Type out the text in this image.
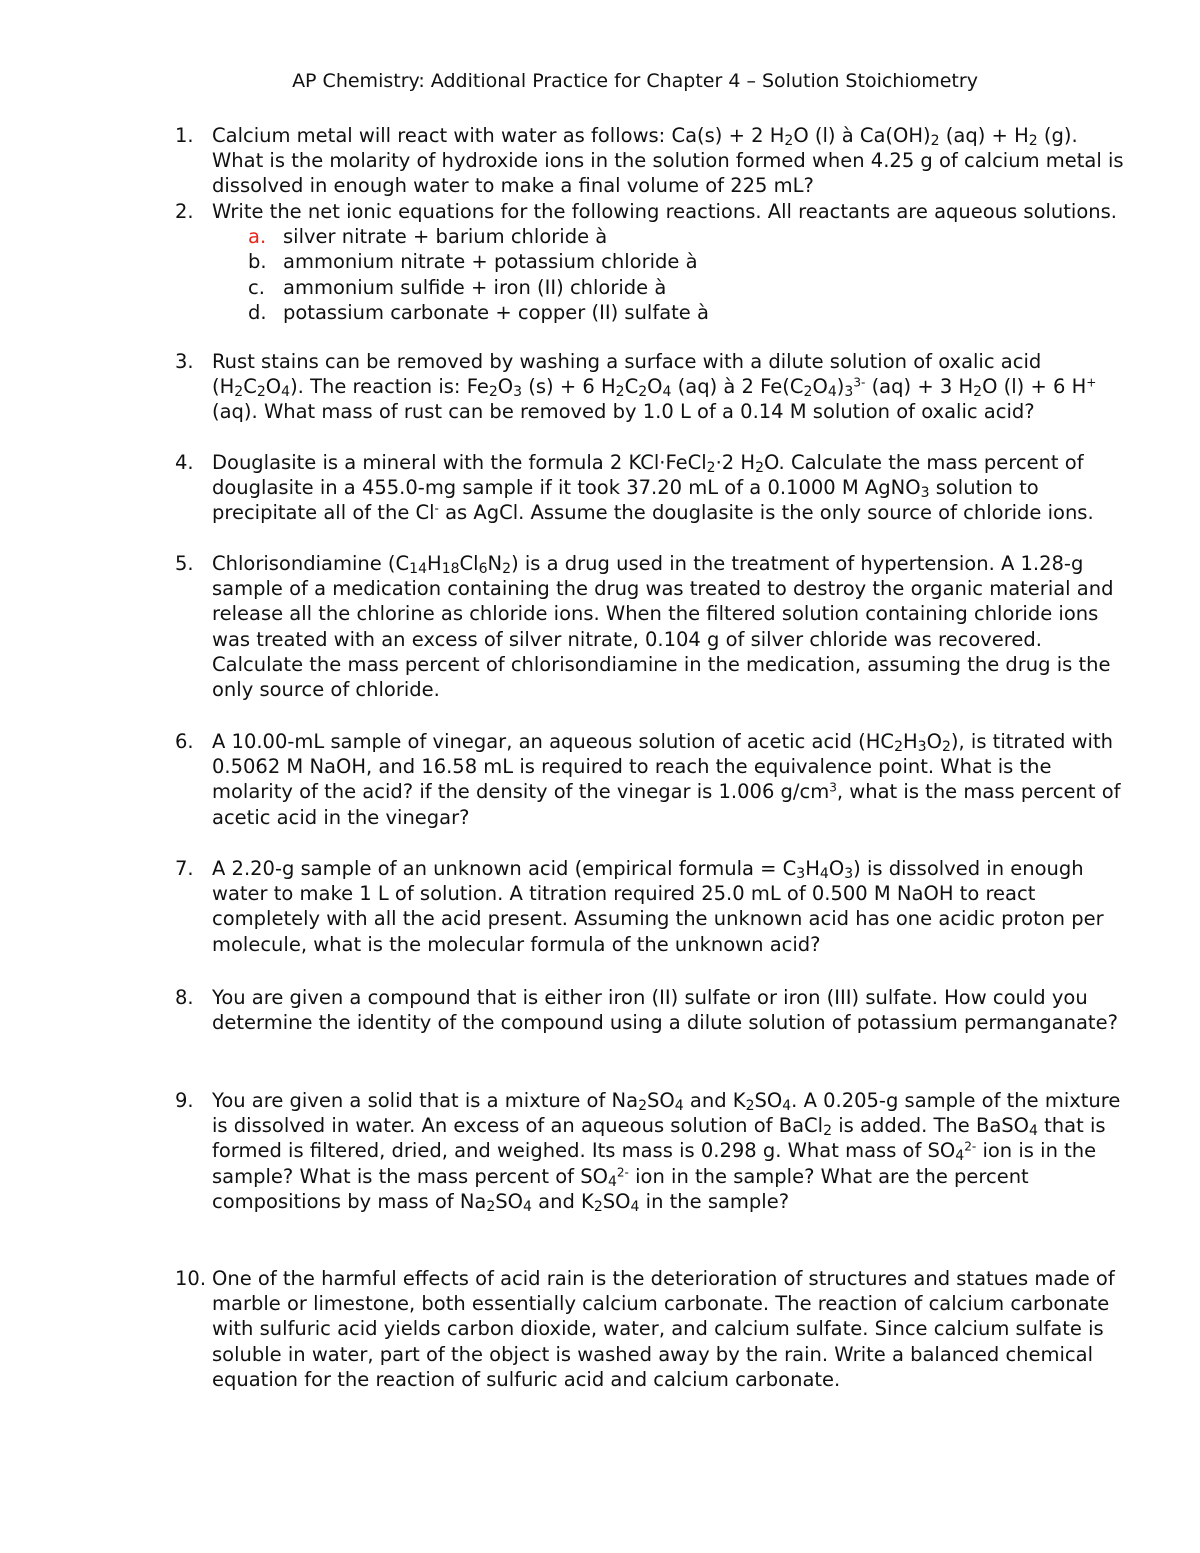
AP Chemistry: Additional Practice for Chapter 4 – Solution Stoichiometry
1. Calcium metal will react with water as follows: Ca(s) + 2 $H_2O$ (l) à $Ca(OH)_2$ $(aq) + H_2$ (g). What is the molarity of hydroxide ions in the solution formed when 4.25 g of calcium metal is dissolved in enough water to make a final volume of 225 mL?
2. Write the net ionic equations for the following reactions. All reactants are aqueous solutions.
a. silver nitrate + barium chloride à
b. ammonium nitrate + potassium chloride à
c. ammonium sulfide + iron (II) chloride à
d. potassium carbonate + copper (II) sulfate à
3. Rust stains can be removed by washing a surface with a dilute solution of oxalic acid $(H_2C_2O_4)$. The reaction is: $Fe_2O_3$ (s) + 6 $H_2C_2O_4$ (aq) à 2 $Fe(C_2O_4)_3^{3-}$ (aq) + 3 $H_2O$ (l) + 6 H+ (aq). What mass of rust can be removed by 1.0 L of a 0.14 M solution of oxalic acid?
4. Douglasite is a mineral with the formula 2 KCl·FeCl$_2$·2 $H_2O$. Calculate the mass percent of douglasite in a 455.0-mg sample if it took 37.20 mL of a 0.1000 M AgNO$_3$ solution to precipitate all of the Cl- as AgCl. Assume the douglasite is the only source of chloride ions.
5. Chlorisondiamine $(C_{14}H_{18}Cl_6N_2)$ is a drug used in the treatment of hypertension. A 1.28-g sample of a medication containing the drug was treated to destroy the organic material and release all the chlorine as chloride ions. When the filtered solution containing chloride ions was treated with an excess of silver nitrate, 0.104 g of silver chloride was recovered. Calculate the mass percent of chlorisondiamine in the medication, assuming the drug is the only source of chloride.
6. A 10.00-mL sample of vinegar, an aqueous solution of acetic acid $(HC_2H_3O_2)$, is titrated with 0.5062 M NaOH, and 16.58 mL is required to reach the equivalence point. What is the molarity of the acid? if the density of the vinegar is 1.006 $g/cm^3$, what is the mass percent of acetic acid in the vinegar?
7. A 2.20-g sample of an unknown acid (empirical formula = $C_3H_4O_3$) is dissolved in enough water to make 1 L of solution. A titration required 25.0 mL of 0.500 M NaOH to react completely with all the acid present. Assuming the unknown acid has one acidic proton per molecule, what is the molecular formula of the unknown acid?
8. You are given a compound that is either iron (II) sulfate or iron (III) sulfate. How could you determine the identity of the compound using a dilute solution of potassium permanganate?
9. You are given a solid that is a mixture of $Na_2SO_4$ and $K_2SO_4$. A 0.205-g sample of the mixture is dissolved in water. An excess of an aqueous solution of BaCl$_2$ is added. The BaSO$_4$ that is formed is filtered, dried, and weighed. Its mass is 0.298 g. What mass of $SO_4^{2-}$ ion is in the sample? What is the mass percent of $SO_4^{2-}$ ion in the sample? What are the percent compositions by mass of $Na_2SO_4$ and $K_2SO_4$ in the sample?
10. One of the harmful effects of acid rain is the deterioration of structures and statues made of marble or limestone, both essentially calcium carbonate. The reaction of calcium carbonate with sulfuric acid yields carbon dioxide, water, and calcium sulfate. Since calcium sulfate is soluble in water, part of the object is washed away by the rain. Write a balanced chemical equation for the reaction of sulfuric acid and calcium carbonate.
